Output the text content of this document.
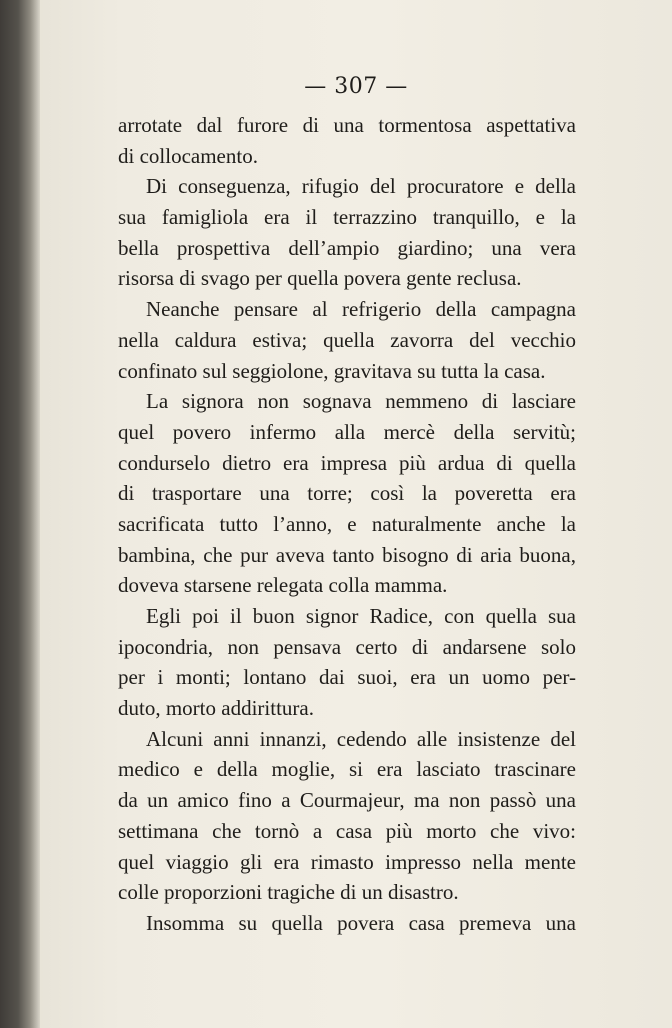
— 307 —
arrotate dal furore di una tormentosa aspettativa
di collocamento.
Di conseguenza, rifugio del procuratore e della
sua famigliola era il terrazzino tranquillo, e la
bella prospettiva dell’ampio giardino; una vera
risorsa di svago per quella povera gente reclusa.
Neanche pensare al refrigerio della campagna
nella caldura estiva; quella zavorra del vecchio
confinato sul seggiolone, gravitava su tutta la casa.
La signora non sognava nemmeno di lasciare
quel povero infermo alla mercè della servitù;
condurselo dietro era impresa più ardua di quella
di trasportare una torre; così la poveretta era
sacrificata tutto l’anno, e naturalmente anche la
bambina, che pur aveva tanto bisogno di aria buona,
doveva starsene relegata colla mamma.
Egli poi il buon signor Radice, con quella sua
ipocondria, non pensava certo di andarsene solo
per i monti; lontano dai suoi, era un uomo per-
duto, morto addirittura.
Alcuni anni innanzi, cedendo alle insistenze del
medico e della moglie, si era lasciato trascinare
da un amico fino a Courmajeur, ma non passò una
settimana che tornò a casa più morto che vivo:
quel viaggio gli era rimasto impresso nella mente
colle proporzioni tragiche di un disastro.
Insomma su quella povera casa premeva una
